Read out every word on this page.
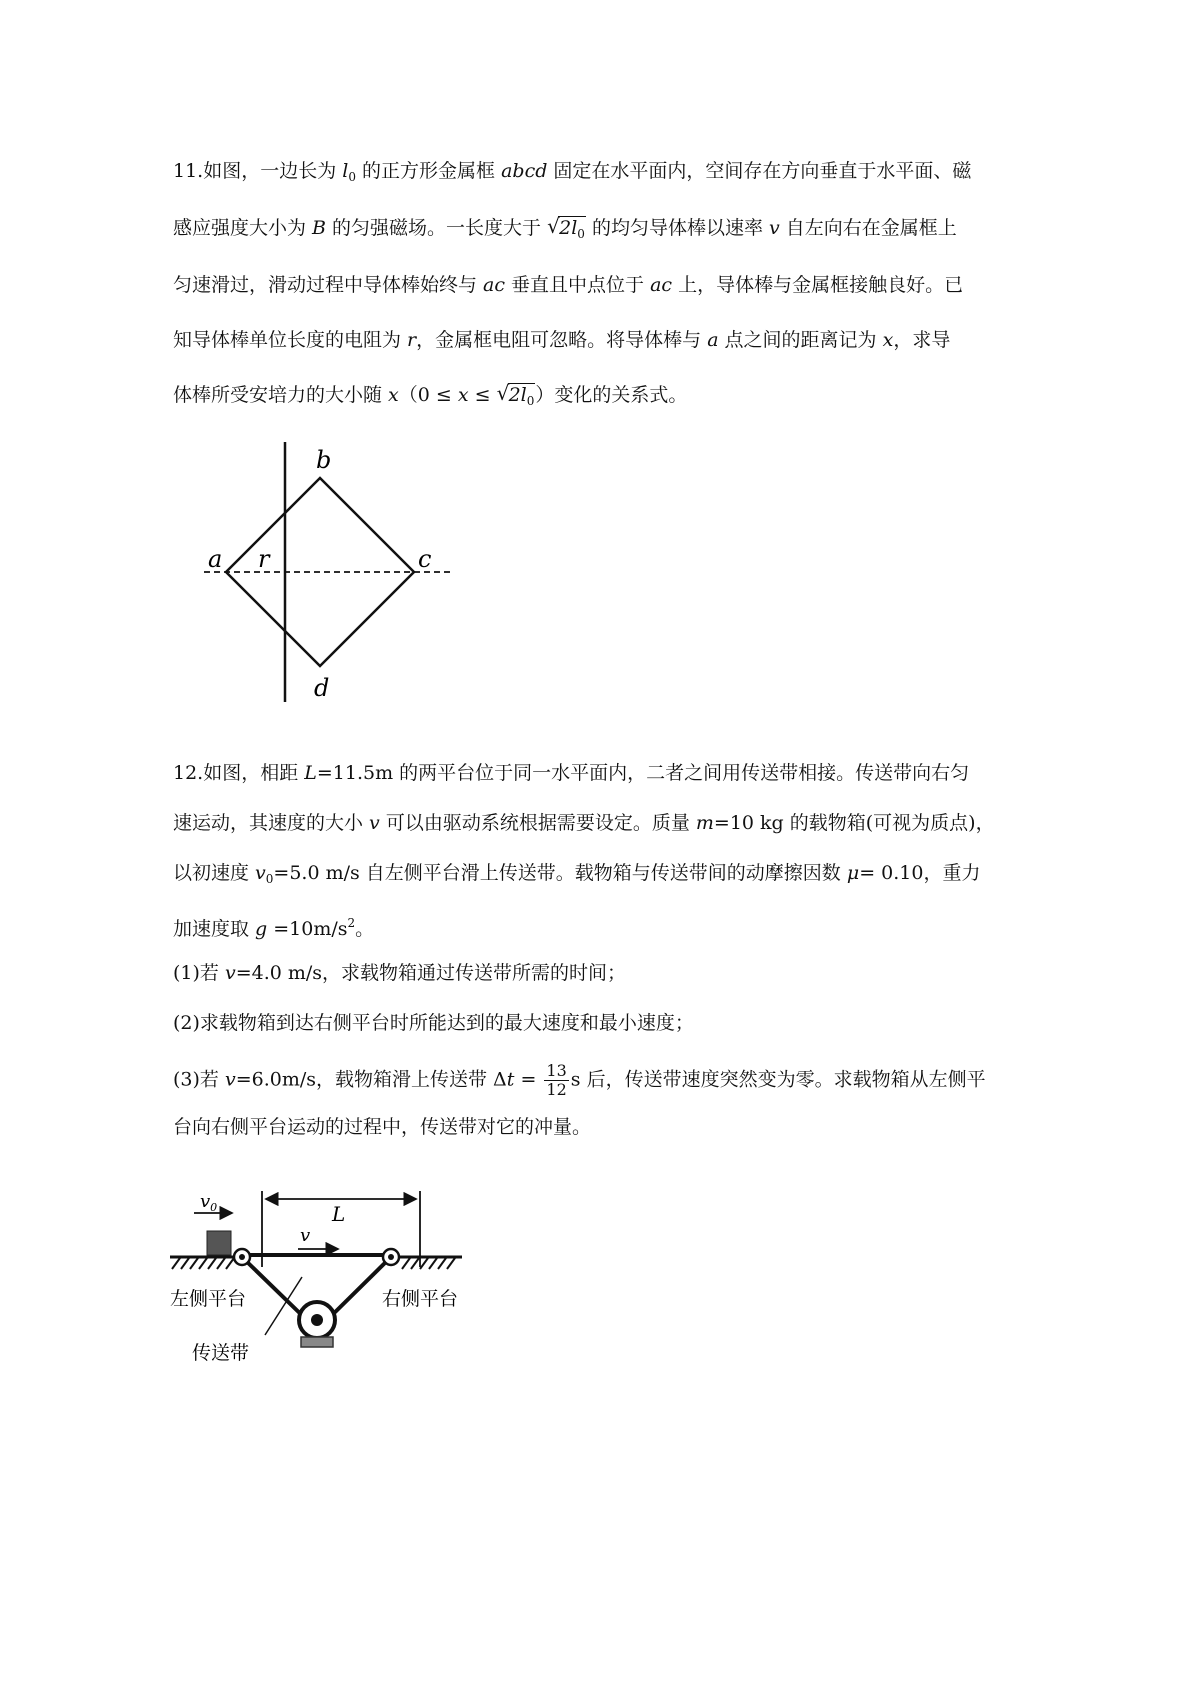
11.如图，一边长为 $l_0$ 的正方形金属框 abcd 固定在水平面内，空间存在方向垂直于水平面、磁
感应强度大小为 B 的匀强磁场。一长度大于 √ $2l_0$ 的均匀导体棒以速率 v 自左向右在金属框上
匀速滑过，滑动过程中导体棒始终与 ac 垂直且中点位于 ac 上，导体棒与金属框接触良好。已
知导体棒单位长度的电阻为 r，金属框电阻可忽略。将导体棒与 a 点之间的距离记为 x，求导
体棒所受安培力的大小随 x（0 ≤ x ≤ √ $2l_0$）变化的关系式。
b
a r	c
d
12.如图，相距 L=11.5m 的两平台位于同一水平面内，二者之间用传送带相接。传送带向右匀
速运动，其速度的大小 v 可以由驱动系统根据需要设定。质量 m=10 kg 的载物箱(可视为质点)，
以初速度 $v_0=5.0$ m/s 自左侧平台滑上传送带。载物箱与传送带间的动摩擦因数 μ= 0.10，重力
加速度取 $g =10m/s^2$。
(1)若 v=4.0 m/s，求载物箱通过传送带所需的时间；
(2)求载物箱到达右侧平台时所能达到的最大速度和最小速度；
(3)若 v=6.0m/s，载物箱滑上传送带 $\Delta t = \frac{13}{12}$ s 后，传送带速度突然变为零。求载物箱从左侧平
台向右侧平台运动的过程中，传送带对它的冲量。
L
$v_0$
v
左侧平台	右侧平台
传送带
